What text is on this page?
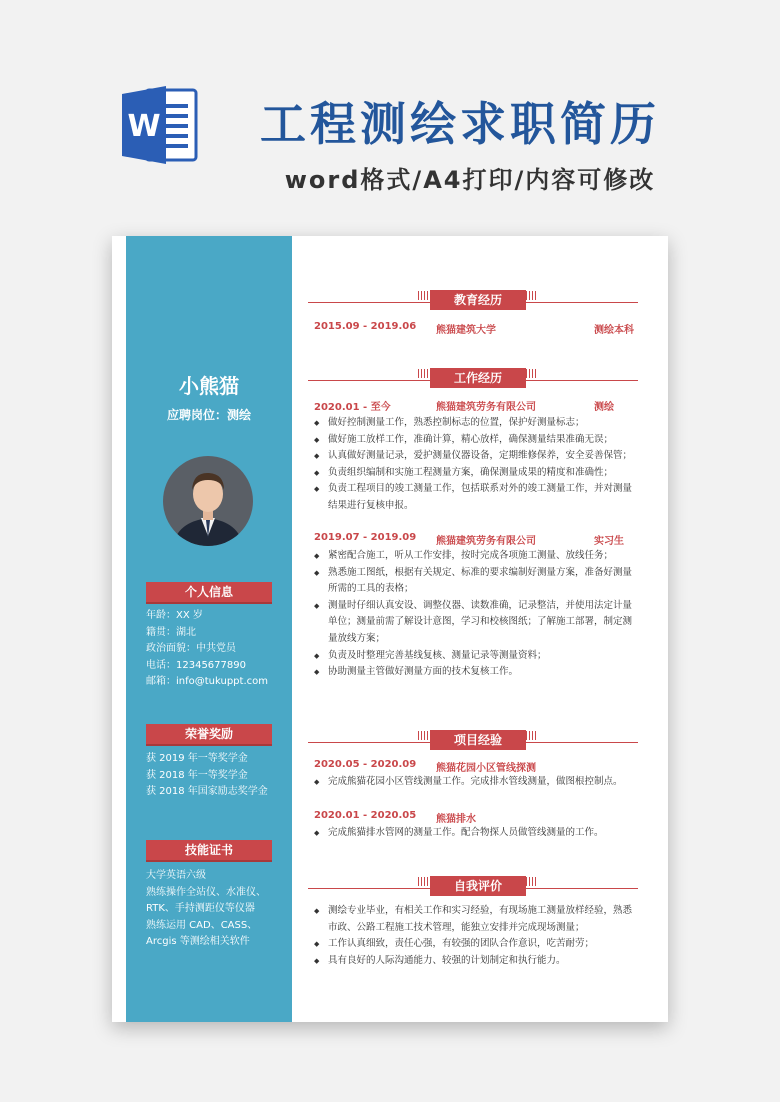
W	工程测绘求职简历
word格式/A4打印/内容可修改
小熊猫
应聘岗位：测绘
个人信息
年龄：XX 岁
籍贯：湖北
政治面貌：中共党员
电话：12345677890
邮箱：info@tukuppt.com
荣誉奖励
获 2019 年一等奖学金
获 2018 年一等奖学金
获 2018 年国家励志奖学金
技能证书
大学英语六级
熟练操作全站仪、水准仪、
RTK、手持测距仪等仪器
熟练运用 CAD、CASS、
Arcgis 等测绘相关软件
教育经历
2015.09 - 2019.06 熊猫建筑大学	测绘本科
工作经历
2020.01 - 至今	熊猫建筑劳务有限公司	测绘
◆ 做好控制测量工作，熟悉控制标志的位置，保护好测量标志；
◆ 做好施工放样工作，准确计算，精心放样，确保测量结果准确无误；
◆ 认真做好测量记录，爱护测量仪器设备，定期维修保养，安全妥善保管；
◆ 负责组织编制和实施工程测量方案，确保测量成果的精度和准确性；
◆ 负责工程项目的竣工测量工作，包括联系对外的竣工测量工作，并对测量结果进行复核申报。
2019.07 - 2019.09 熊猫建筑劳务有限公司	实习生
◆ 紧密配合施工，听从工作安排，按时完成各项施工测量、放线任务；
◆ 熟悉施工图纸，根据有关规定、标准的要求编制好测量方案，准备好测量所需的工具的表格；
◆ 测量时仔细认真安设、调整仪器、读数准确，记录整洁，并使用法定计量单位；测量前需了解设计意图，学习和校核图纸；了解施工部署，制定测量放线方案；
◆ 负责及时整理完善基线复核、测量记录等测量资料；
◆ 协助测量主管做好测量方面的技术复核工作。
项目经验
2020.05 - 2020.09 熊猫花园小区管线探测
◆ 完成熊猫花园小区管线测量工作。完成排水管线测量，做图根控制点。
2020.01 - 2020.05 熊猫排水
◆ 完成熊猫排水管网的测量工作。配合物探人员做管线测量的工作。
自我评价
◆ 测绘专业毕业，有相关工作和实习经验，有现场施工测量放样经验，熟悉市政、公路工程施工技术管理，能独立安排并完成现场测量；
◆ 工作认真细致，责任心强，有较强的团队合作意识，吃苦耐劳；
◆ 具有良好的人际沟通能力、较强的计划制定和执行能力。
